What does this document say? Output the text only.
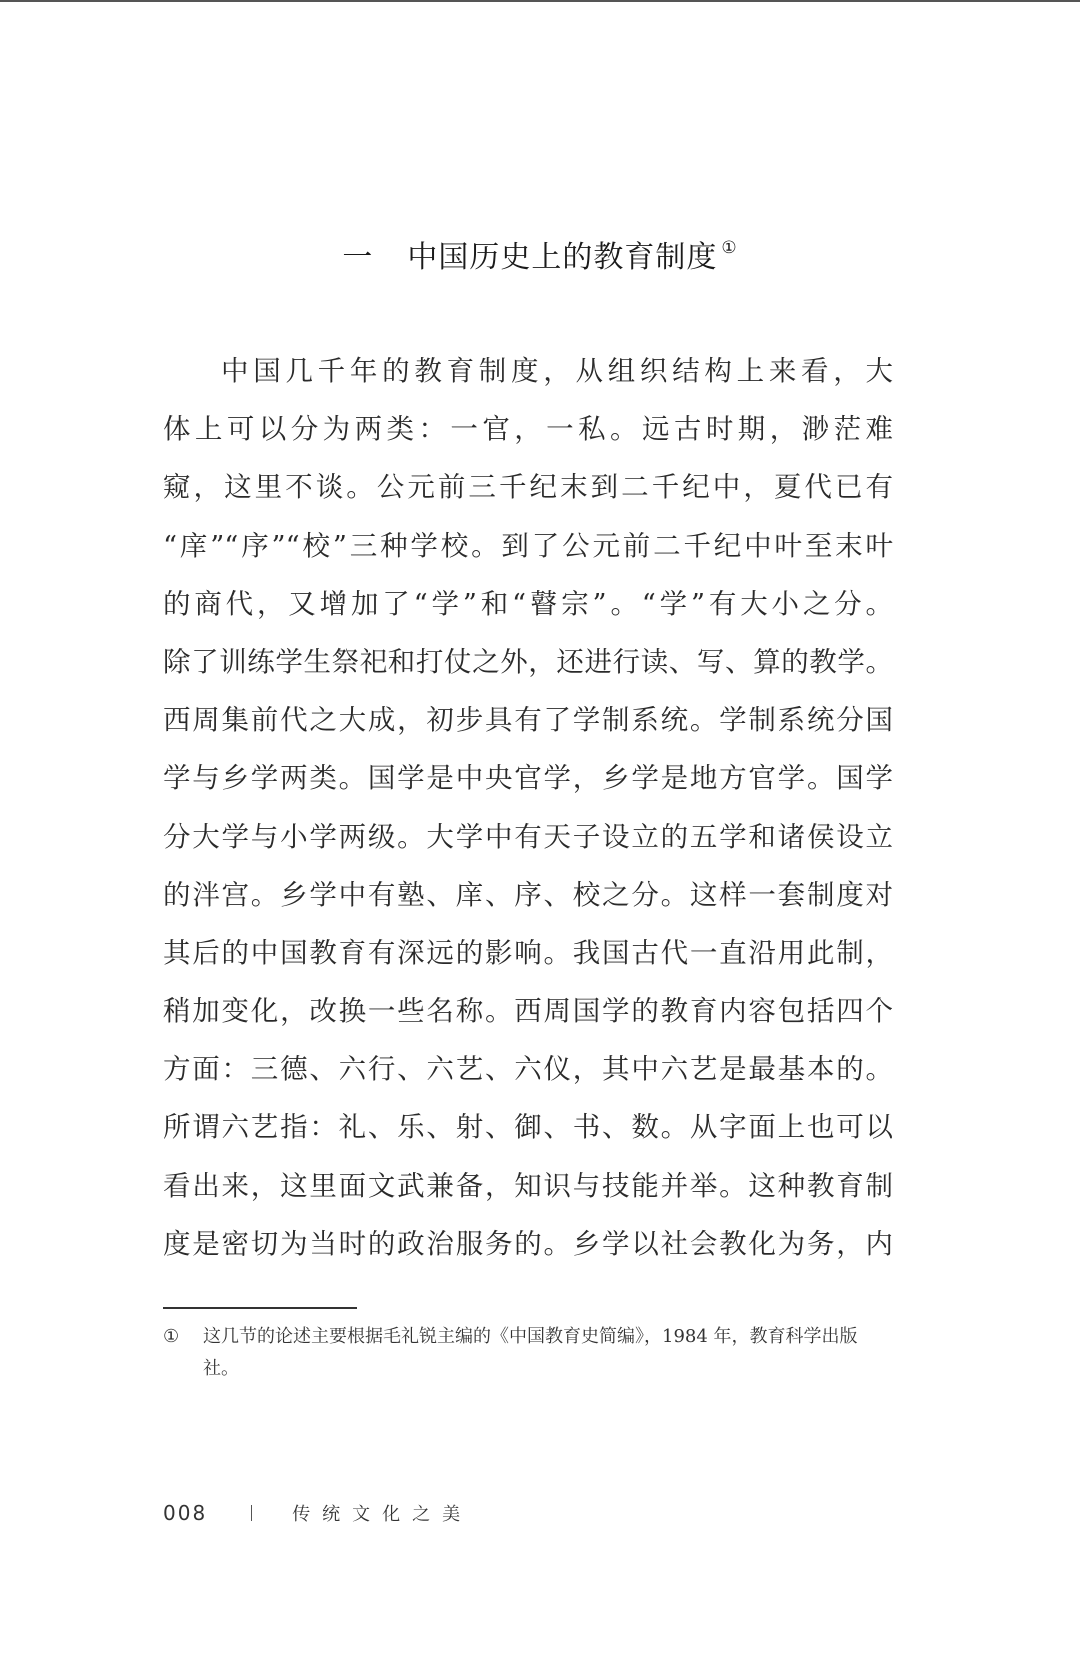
一 中国历史上的教育制度 ①
中国几千年的教育制度，从组织结构上来看，大
体上可以分为两类：一官，一私。远古时期，渺茫难
窥，这里不谈。公元前三千纪末到二千纪中，夏代已有
“庠”“序”“校”三种学校。到了公元前二千纪中叶至末叶
的商代，又增加了“学”和“瞽宗”。“学”有大小之分。
除了训练学生祭祀和打仗之外，还进行读、写、算的教学。
西周集前代之大成，初步具有了学制系统。学制系统分国
学与乡学两类。国学是中央官学，乡学是地方官学。国学
分大学与小学两级。大学中有天子设立的五学和诸侯设立
的泮宫。乡学中有塾、庠、序、校之分。这样一套制度对
其后的中国教育有深远的影响。我国古代一直沿用此制，
稍加变化，改换一些名称。西周国学的教育内容包括四个
方面：三德、六行、六艺、六仪，其中六艺是最基本的。
所谓六艺指：礼、乐、射、御、书、数。从字面上也可以
看出来，这里面文武兼备，知识与技能并举。这种教育制
度是密切为当时的政治服务的。乡学以社会教化为务，内
①	这几节的论述主要根据毛礼锐主编的《中国教育史简编》，1984 年，教育科学出版社。
008	传统文化之美
